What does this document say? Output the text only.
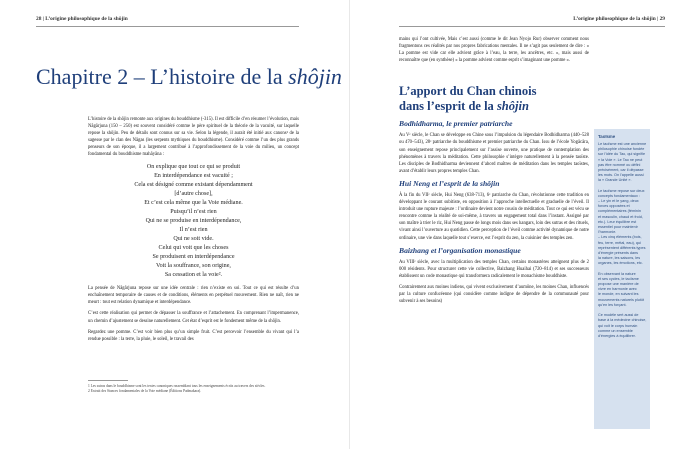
28 | L’origine philosophique de la shôjin
Chapitre 2 – L’histoire de la shôjin

L’histoire de la shôjin remonte aux origines du bouddhisme (-315). Il est difficile d’en résumer l’évolution, mais Nâgârjuna (150 – 250) est souvent considéré comme le père spirituel de la théorie de la vacuité, sur laquelle repose la shôjin. Peu de détails sont connus sur sa vie. Selon la légende, il aurait été initié aux canons¹ de la sagesse par le clan des Nâgas (les serpents mythiques du bouddhisme). Considéré comme l’un des plus grands penseurs de son époque, il a largement contribué à l’approfondissement de la voie du milieu, un concept fondamental du bouddhisme mahâyâna :

On explique que tout ce qui se produit
En interdépendance est vacuité ;
Cela est désigné comme existant dépendamment
[d’autre chose],
Et c’est cela même que la Voie médiane.
Puisqu’il n’est rien
Qui ne se produise en interdépendance,
Il n’est rien
Qui ne soit vide.
Celui qui voit que les choses
Se produisent en interdépendance
Voit la souffrance, son origine,
Sa cessation et la voie².

La pensée de Nâgârjuna repose sur une idée centrale : rien n’existe en soi. Tout ce qui est résulte d’un enchaînement temporaire de causes et de conditions, éléments en perpétuel mouvement. Rien ne naît, rien ne meurt : tout est relation dynamique et interdépendance.

C’est cette réalisation qui permet de dépasser la souffrance et l’attachement. En comprenant l’impermanence, un chemin d’ajustement se dessine naturellement. Cet état d’esprit est le fondement même de la shôjin.

Regardez une pomme. C’est voir bien plus qu’un simple fruit. C’est percevoir l’ensemble du vivant qui l’a rendue possible : la terre, la pluie, le soleil, le travail des

1 Les sutras dans le bouddhisme sont les textes canoniques rassemblant tous les enseignements écrits au travers des siècles.
2 Extrait des Stances fondamentales de la Voie médiane (Éditions Padmakara).
L’origine philosophique de la shôjin | 29

mains qui l’ont cultivée, Mais c’est aussi (comme le dit Jean Nyojo Rur) observer comment nous fragmentons ces réalités par nos propres fabrications mentales. Il ne s’agit pas seulement de dire : « La pomme est vide car elle advient grâce à l’eau, la terre, les ancêtres, etc. », mais aussi de reconnaître que (en synthèse) « la pomme advient comme esprit s’imaginant une pomme ».

L’apport du Chan chinois
dans l’esprit de la shôjin
Bodhidharma, le premier patriarche

Au Vᵉ siècle, le Chan se développe en Chine sous l’impulsion du légendaire Bodhidharma (440–528 ou 470–543), 28ᵉ patriarche du bouddhisme et premier patriarche du Chan. Issu de l’école Yogâcâra, son enseignement repose principalement sur l’assise ouverte, une pratique de contemplation des phénomènes à travers la méditation. Cette philosophie s’intègre naturellement à la pensée taoïste. Les disciples de Bodhidharma deviennent d’abord maîtres de méditation dans les temples taoïstes, avant d’établir leurs propres temples Chan.

Hui Neng et l’esprit de la shôjin

À la fin du VIIᵉ siècle, Hui Neng (638-713), 6ᵉ patriarche du Chan, révolutionne cette tradition en développant le courant subitiste, en opposition à l’approche intellectuelle et graduelle de l’éveil. Il introduit une rupture majeure : l’ordinaire devient notre cousin de méditation. Tout ce qui est vécu se rencontre comme la réalité de soi-même, à travers un engagement total dans l’instant. Assigné par son maître à trier le riz, Hui Neng passe de longs mois dans ses hangars, loin des sutras et des rituels, vivant ainsi l’ouverture au quotidien. Cette perception de l’éveil comme activité dynamique de notre ordinaire, une vie dans laquelle tout s’exerce, est l’esprit du zen, la cuisinier des temples zen.

Baizhang et l’organisation monastique

Au VIIIᵉ siècle, avec la multiplication des temples Chan, certains monastères atteignent plus de 2 000 résidents. Pour structurer cette vie collective, Baizhang Huaihai (720–814) et ses successeurs établissent un code monastique qui transformera radicalement le monachisme bouddhiste.

Contrairement aux moines indiens, qui vivent exclusivement d’aumône, les moines Chan, influencés par la culture confucéenne (qui considère comme indigne de dépendre de la communauté pour subvenir à ses besoins)

Taoïsme
Le taoïsme est une ancienne
philosophie chinoise fondée
sur l’idée du Tao, qui signifie
« la Voie ». Le Tao ne peut
pas être nommé ou défini
précisément, car il dépasse
les mots. On l’appelle aussi
la « Grande Unité ».
Le taoïsme repose sur deux
concepts fondamentaux :
– Le yin et le yang, deux
forces opposées et
complémentaires (féminin
et masculin, chaud et froid,
etc.). Leur équilibre est
essentiel pour maintenir
l’harmonie.
– Les cinq éléments (bois,
feu, terre, métal, eau), qui
représentent différents types
d’énergie présents dans
la nature, les saisons, les
organes, les émotions, etc.
En observant la nature
et ses cycles, le taoïsme
propose une manière de
vivre en harmonie avec
le monde, en suivant les
mouvements naturels plutôt
qu’en les forçant.
Ce modèle sert aussi de
base à la médecine chinoise,
qui voit le corps humain
comme un ensemble
d’énergies à équilibrer.
